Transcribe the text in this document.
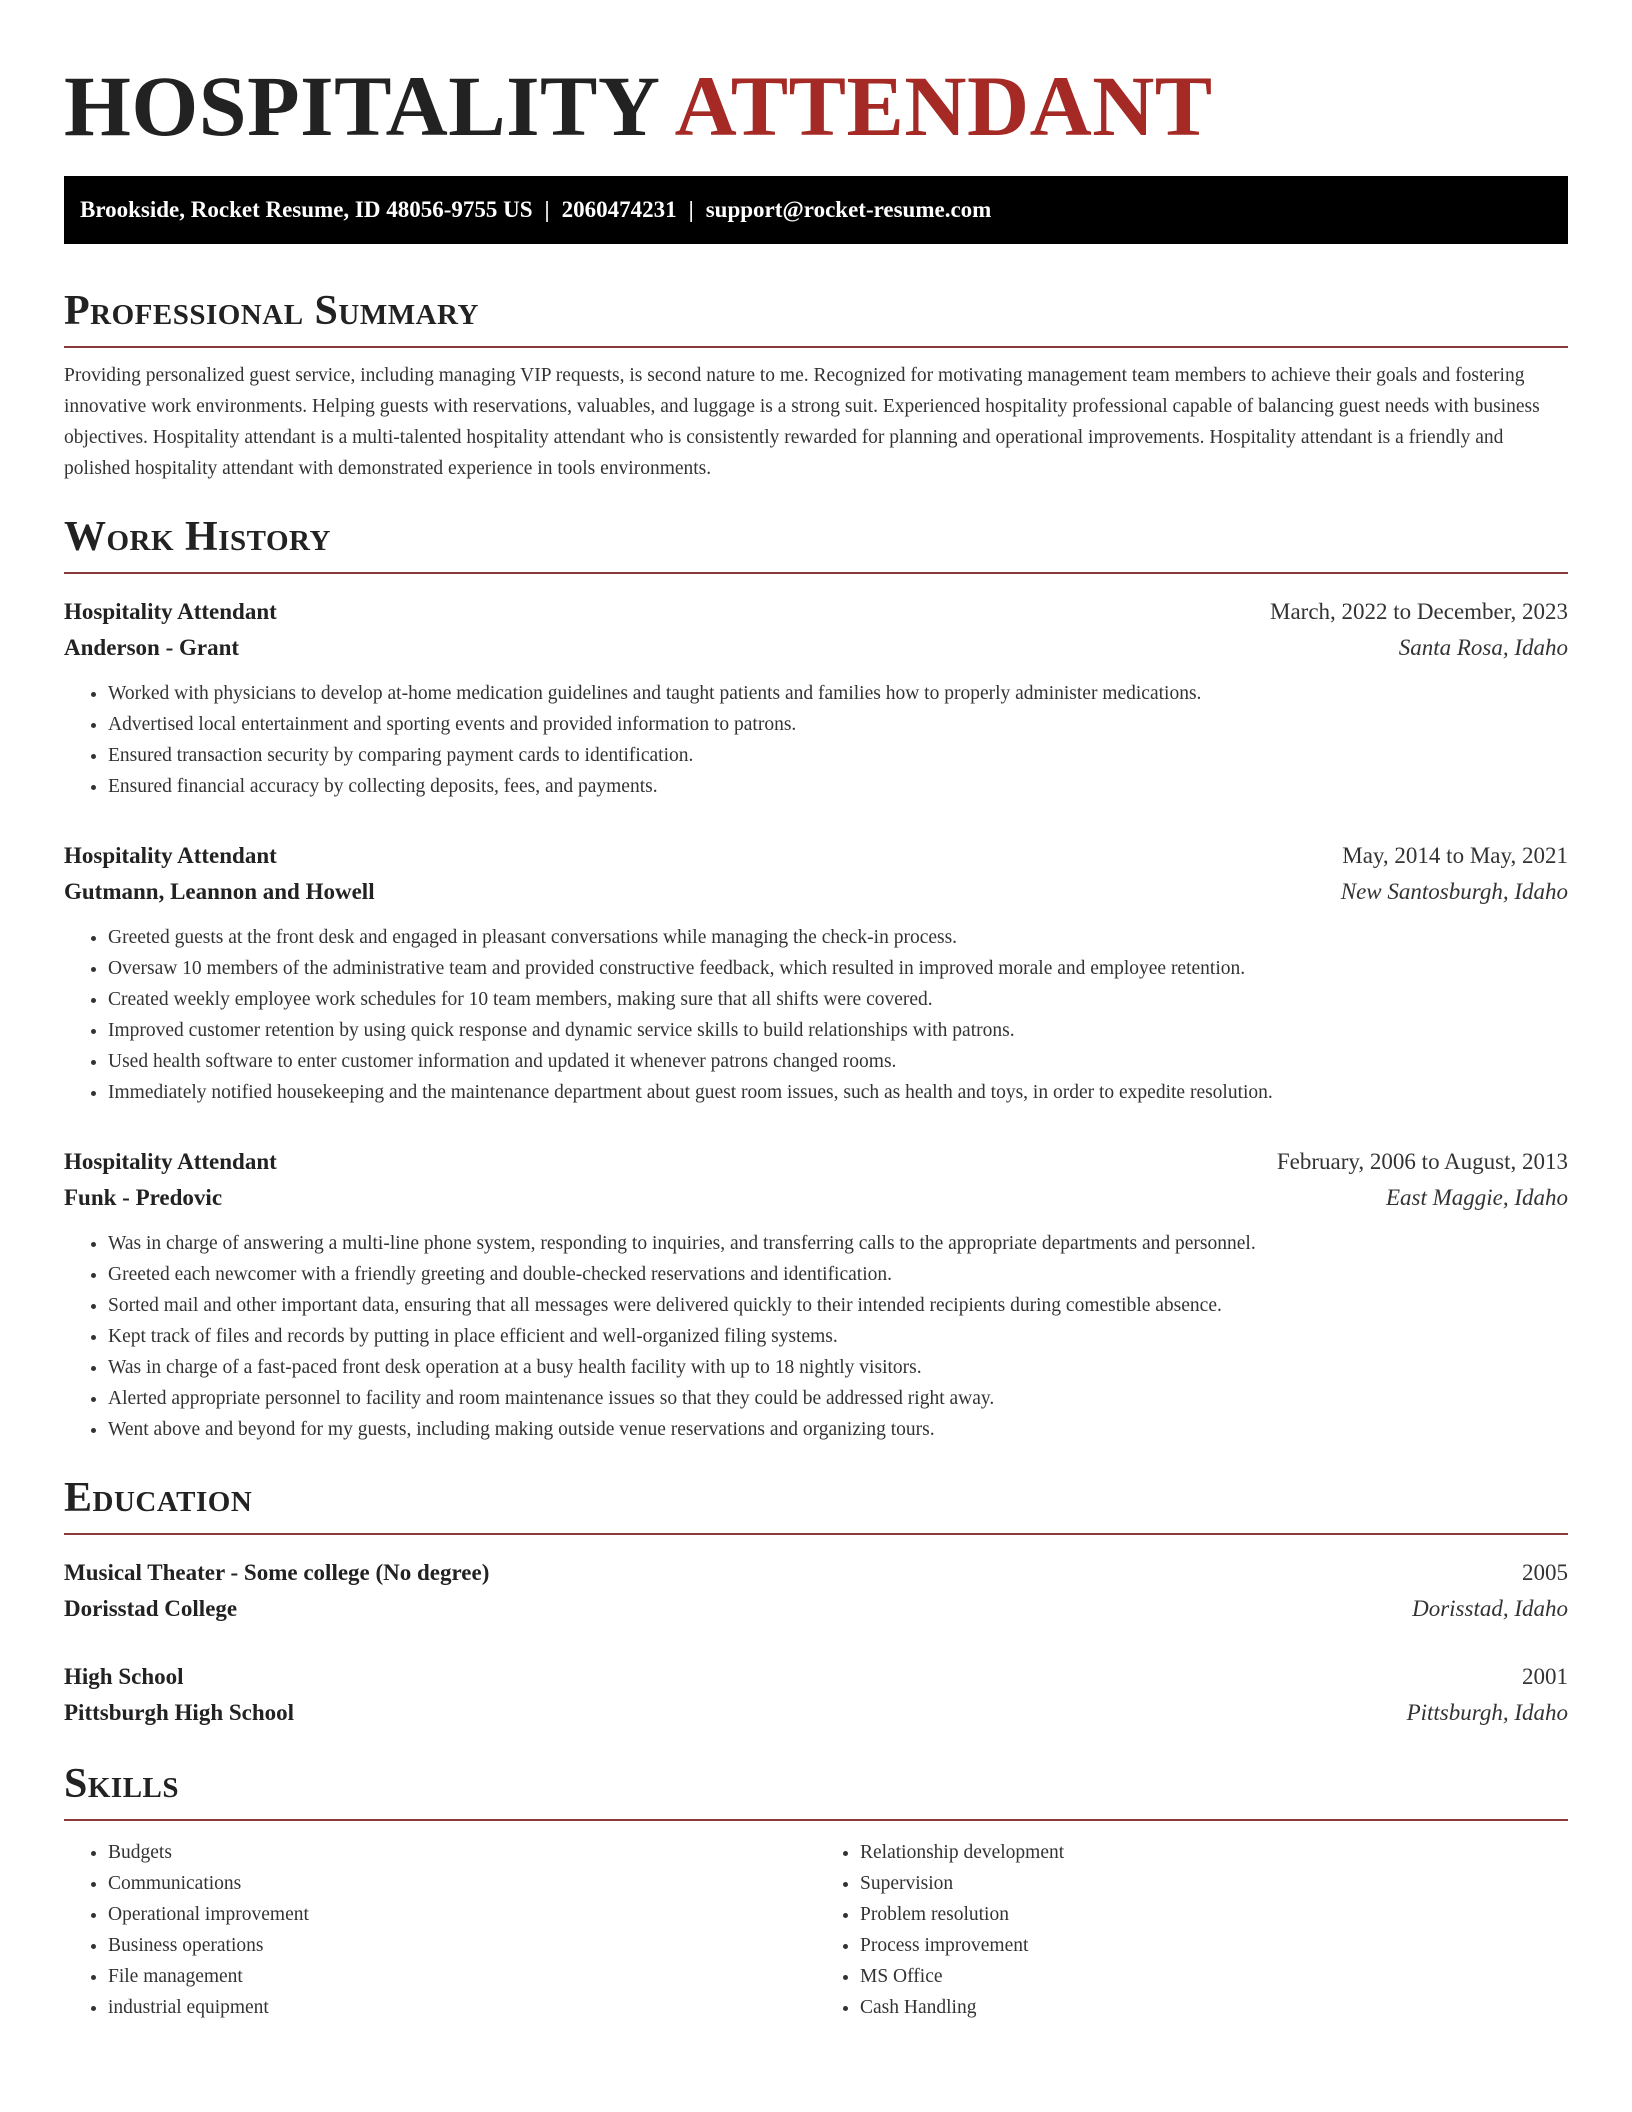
HOSPITALITY ATTENDANT
Brookside, Rocket Resume, ID 48056-9755 US | 2060474231 | support@rocket-resume.com
Professional Summary

Providing personalized guest service, including managing VIP requests, is second nature to me. Recognized for motivating management team members to achieve their goals and fostering innovative work environments. Helping guests with reservations, valuables, and luggage is a strong suit. Experienced hospitality professional capable of balancing guest needs with business objectives. Hospitality attendant is a multi-talented hospitality attendant who is consistently rewarded for planning and operational improvements. Hospitality attendant is a friendly and polished hospitality attendant with demonstrated experience in tools environments.

Work History
Hospitality Attendant	March, 2022 to December, 2023
Anderson - Grant	Santa Rosa, Idaho
• Worked with physicians to develop at-home medication guidelines and taught patients and families how to properly administer medications.
• Advertised local entertainment and sporting events and provided information to patrons.
• Ensured transaction security by comparing payment cards to identification.
• Ensured financial accuracy by collecting deposits, fees, and payments.
Hospitality Attendant	May, 2014 to May, 2021
Gutmann, Leannon and Howell	New Santosburgh, Idaho
• Greeted guests at the front desk and engaged in pleasant conversations while managing the check-in process.
• Oversaw 10 members of the administrative team and provided constructive feedback, which resulted in improved morale and employee retention.
• Created weekly employee work schedules for 10 team members, making sure that all shifts were covered.
• Improved customer retention by using quick response and dynamic service skills to build relationships with patrons.
• Used health software to enter customer information and updated it whenever patrons changed rooms.
• Immediately notified housekeeping and the maintenance department about guest room issues, such as health and toys, in order to expedite resolution.
Hospitality Attendant	February, 2006 to August, 2013
Funk - Predovic	East Maggie, Idaho
• Was in charge of answering a multi-line phone system, responding to inquiries, and transferring calls to the appropriate departments and personnel.
• Greeted each newcomer with a friendly greeting and double-checked reservations and identification.
• Sorted mail and other important data, ensuring that all messages were delivered quickly to their intended recipients during comestible absence.
• Kept track of files and records by putting in place efficient and well-organized filing systems.
• Was in charge of a fast-paced front desk operation at a busy health facility with up to 18 nightly visitors.
• Alerted appropriate personnel to facility and room maintenance issues so that they could be addressed right away.
• Went above and beyond for my guests, including making outside venue reservations and organizing tours.
Education
Musical Theater - Some college (No degree)	2005
Dorisstad College	Dorisstad, Idaho
High School	2001
Pittsburgh High School	Pittsburgh, Idaho
Skills
• Budgets
• Communications
• Operational improvement
• Business operations
• File management
• industrial equipment
• Relationship development
• Supervision
• Problem resolution
• Process improvement
• MS Office
• Cash Handling
